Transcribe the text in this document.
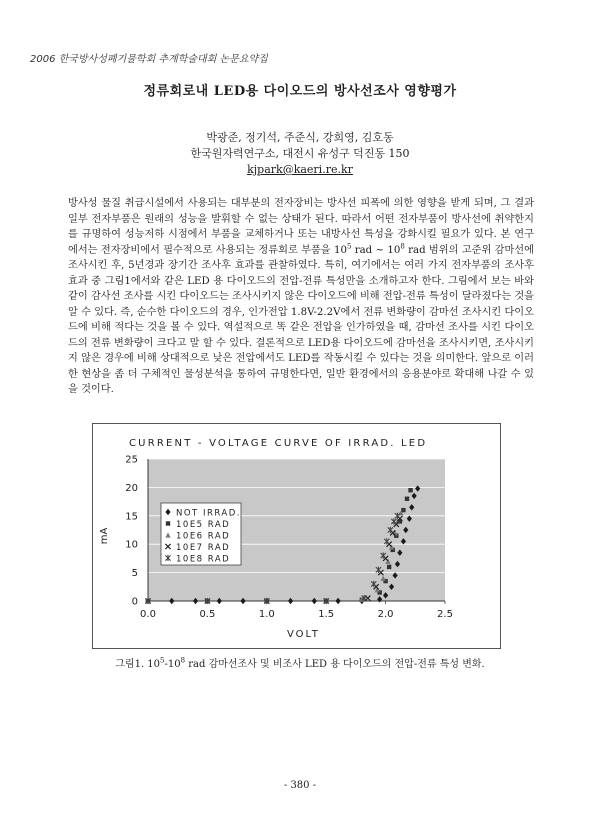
2006 한국방사성폐기물학회 추계학술대회 논문요약집
정류회로내 LED용 다이오드의 방사선조사 영향평가
박광준, 정기석, 주준식, 강희영, 김호동
한국원자력연구소, 대전시 유성구 덕진동 150
kjpark@kaeri.re.kr
방사성 물질 취급시설에서 사용되는 대부분의 전자장비는 방사선 피폭에 의한 영향을 받게 되며, 그 결과 일부 전자부품은 원래의 성능을 발휘할 수 없는 상태가 된다. 따라서 어떤 전자부품이 방사선에 취약한지를 규명하여 성능저하 시점에서 부품을 교체하거나 또는 내방사선 특성을 강화시킬 필요가 있다. 본 연구에서는 전자장비에서 필수적으로 사용되는 정류회로 부품을 $10^5$ rad ~ $10^8$ rad 범위의 고준위 감마선에 조사시킨 후, 5년경과 장기간 조사후 효과를 관찰하였다. 특히, 여기에서는 여러 가지 전자부품의 조사후 효과 중 그림1에서와 같은 LED 용 다이오드의 전압-전류 특성만을 소개하고자 한다. 그림에서 보는 바와 같이 감사선 조사를 시킨 다이오드는 조사시키지 않은 다이오드에 비해 전압-전류 특성이 달라졌다는 것을 알 수 있다. 즉, 순수한 다이오드의 경우, 인가전압 1.8V-2.2V에서 전류 변화량이 감마선 조사시킨 다이오드에 비해 적다는 것을 볼 수 있다. 역설적으로 똑 같은 전압을 인가하였을 때, 감마선 조사를 시킨 다이오드의 전류 변화량이 크다고 말 할 수 있다. 결론적으로 LED용 다이오드에 감마선을 조사시키면, 조사시키지 않은 경우에 비해 상대적으로 낮은 전압에서도 LED를 작동시킬 수 있다는 것을 의미한다. 앞으로 이러한 현상을 좀 더 구체적인 물성분석을 통하여 규명한다면, 일반 환경에서의 응용분야로 확대해 나갈 수 있을 것이다.
CURRENT - VOLTAGE CURVE OF IRRAD. LED
VOLT
mA
0
5
10
15
20
25
0.0	0.5	1.0	1.5	2.0	2.5
NOT IRRAD.
10E5 RAD
10E6 RAD
10E7 RAD
10E8 RAD
그림1. $10^5-10^8$ rad 감마선조사 및 비조사 LED 용 다이오드의 전압-전류 특성 변화.
- 380 -
